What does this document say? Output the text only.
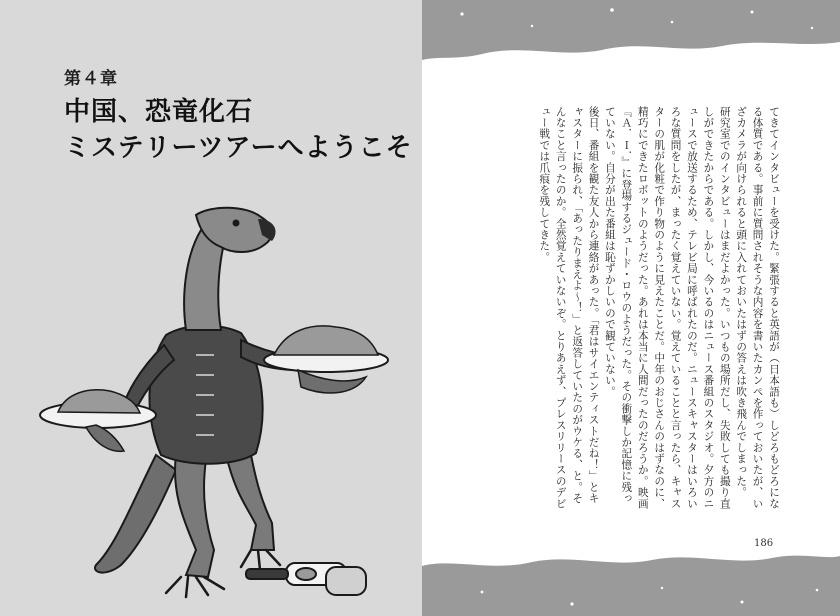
第４章
中国、恐竜化石
ミステリーツアーへようこそ	てきてインタビューを受けた。緊張すると英語が（日本語も）しどろもどろになる体質である。事前に質問されそうな内容を書いたカンペを作っておいたが、いざカメラが向けられると頭に入れておいたはずの答えは吹き飛んでしまった。

研究室でのインタビューはまだよかった。いつもの場所だし、失敗しても撮り直しができたからである。しかし、今いるのはニュース番組のスタジオ。夕方のニュースで放送するため、テレビ局に呼ばれたのだ。ニュースキャスターはいろいろな質問をしたが、まったく覚えていない。覚えていることと言ったら、キャスターの肌が化粧で作り物のように見えたことだ。中年のおじさんのはずなのに、精巧にできたロボットのようだった。あれは本当に人間だったのだろうか。映画『Ａ．Ｉ．』に登場するジュード・ロウのようだった。その衝撃しか記憶に残っていない。自分が出た番組は恥ずかしいので観ていない。

後日、番組を観た友人から連絡があった。「君はサイエンティストだね！」とキャスターに振られ、「あったりまえよ〜！」と返答していたのがウケる、と。そんなこと言ったのか。全然覚えていないぞ。とりあえず、プレスリリースのデビュー戦では爪痕を残してきた。

186
